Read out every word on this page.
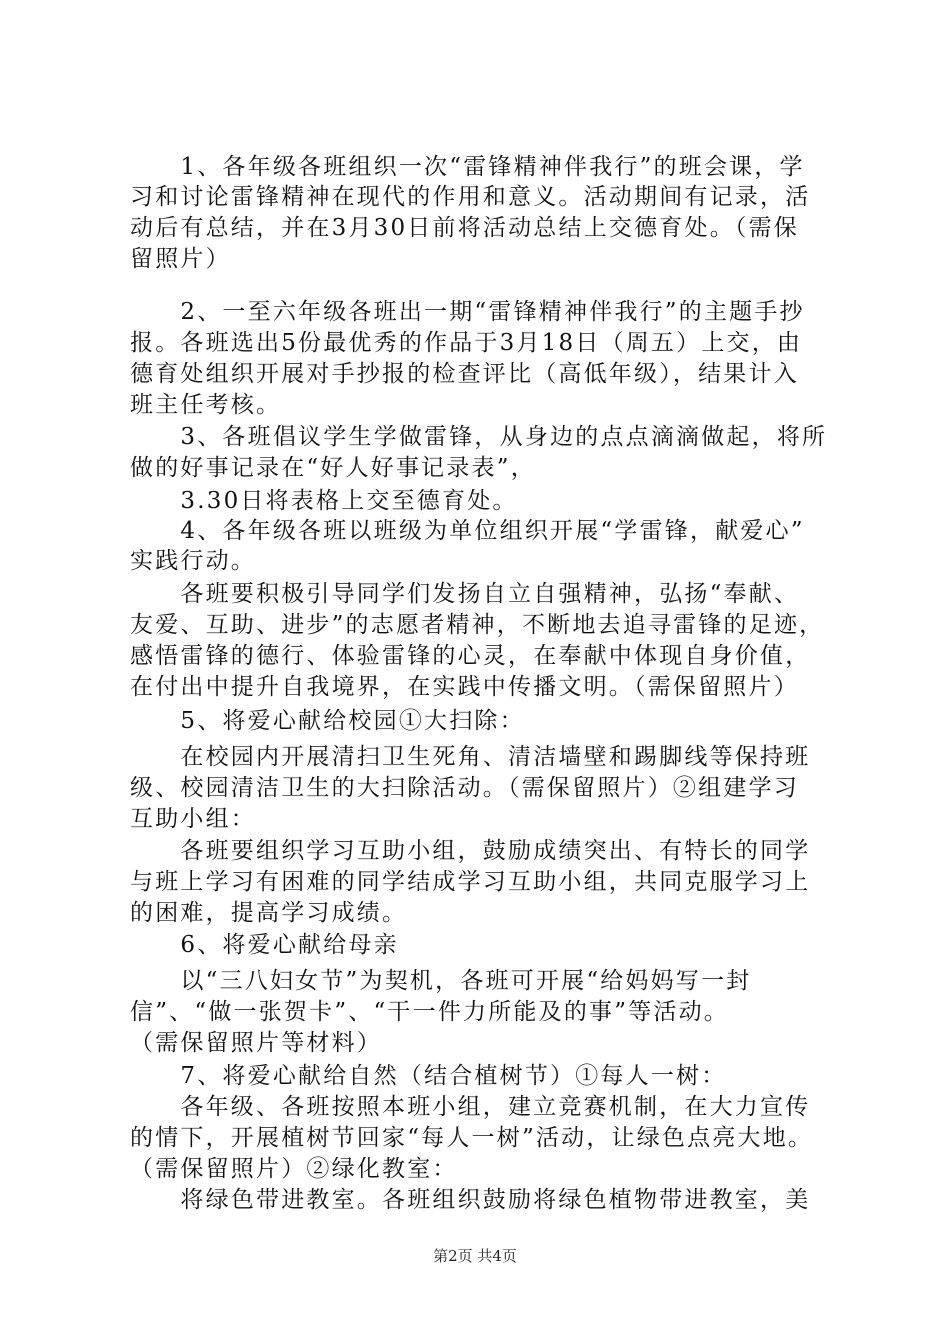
　　1、各年级各班组织一次“雷锋精神伴我行”的班会课，学
习和讨论雷锋精神在现代的作用和意义。活动期间有记录，活
动后有总结，并在3月30日前将活动总结上交德育处。（需保
留照片）
　　2、一至六年级各班出一期“雷锋精神伴我行”的主题手抄
报。各班选出5份最优秀的作品于3月18日（周五）上交，由
德育处组织开展对手抄报的检查评比（高低年级），结果计入
班主任考核。
　　3、各班倡议学生学做雷锋，从身边的点点滴滴做起，将所
做的好事记录在“好人好事记录表”，
　　3.30日将表格上交至德育处。
　　4、各年级各班以班级为单位组织开展“学雷锋，献爱心”
实践行动。
　　各班要积极引导同学们发扬自立自强精神，弘扬“奉献、
友爱、互助、进步”的志愿者精神，不断地去追寻雷锋的足迹，
感悟雷锋的德行、体验雷锋的心灵，在奉献中体现自身价值，
在付出中提升自我境界，在实践中传播文明。（需保留照片）
　　5、将爱心献给校园①大扫除：
　　在校园内开展清扫卫生死角、清洁墙壁和踢脚线等保持班
级、校园清洁卫生的大扫除活动。（需保留照片）②组建学习
互助小组：
　　各班要组织学习互助小组，鼓励成绩突出、有特长的同学
与班上学习有困难的同学结成学习互助小组，共同克服学习上
的困难，提高学习成绩。
　　6、将爱心献给母亲
　　以“三八妇女节”为契机，各班可开展“给妈妈写一封
信”、“做一张贺卡”、“干一件力所能及的事”等活动。
（需保留照片等材料）
　　7、将爱心献给自然（结合植树节）①每人一树：
　　各年级、各班按照本班小组，建立竞赛机制，在大力宣传
的情下，开展植树节回家“每人一树”活动，让绿色点亮大地。
（需保留照片）②绿化教室：
　　将绿色带进教室。各班组织鼓励将绿色植物带进教室，美
第2页 共4页
